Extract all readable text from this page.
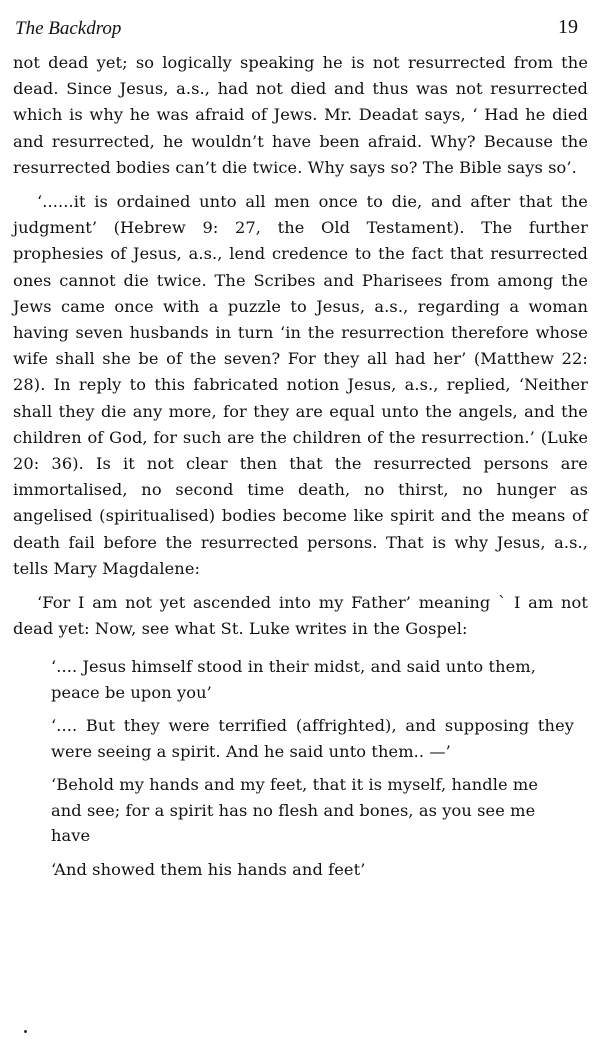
The Backdrop	19

not dead yet; so logically speaking he is not resurrected from the dead. Since Jesus, a.s., had not died and thus was not resurrected which is why he was afraid of Jews. Mr. Deadat says, ‘ Had he died and resurrected, he wouldn’t have been afraid. Why? Because the resurrected bodies can’t die twice. Why says so? The Bible says so’.

‘......it is ordained unto all men once to die, and after that the judgment’ (Hebrew 9: 27, the Old Testament). The further prophesies of Jesus, a.s., lend credence to the fact that resurrected ones cannot die twice. The Scribes and Pharisees from among the Jews came once with a puzzle to Jesus, a.s., regarding a woman having seven husbands in turn ‘in the resurrection therefore whose wife shall she be of the seven? For they all had her’ (Matthew 22: 28). In reply to this fabricated notion Jesus, a.s., replied, ‘Neither shall they die any more, for they are equal unto the angels, and the children of God, for such are the children of the resurrection.’ (Luke 20: 36). Is it not clear then that the resurrected persons are immortalised, no second time death, no thirst, no hunger as angelised (spiritualised) bodies become like spirit and the means of death fail before the resurrected persons. That is why Jesus, a.s., tells Mary Magdalene:

‘For I am not yet ascended into my Father’ meaning ` I am not dead yet: Now, see what St. Luke writes in the Gospel:

‘.... Jesus himself stood in their midst, and said unto them, peace be upon you’

‘.... But they were terrified (affrighted), and supposing they were seeing a spirit. And he said unto them.. —’

‘Behold my hands and my feet, that it is myself, handle me and see; for a spirit has no flesh and bones, as you see me have

‘And showed them his hands and feet’
